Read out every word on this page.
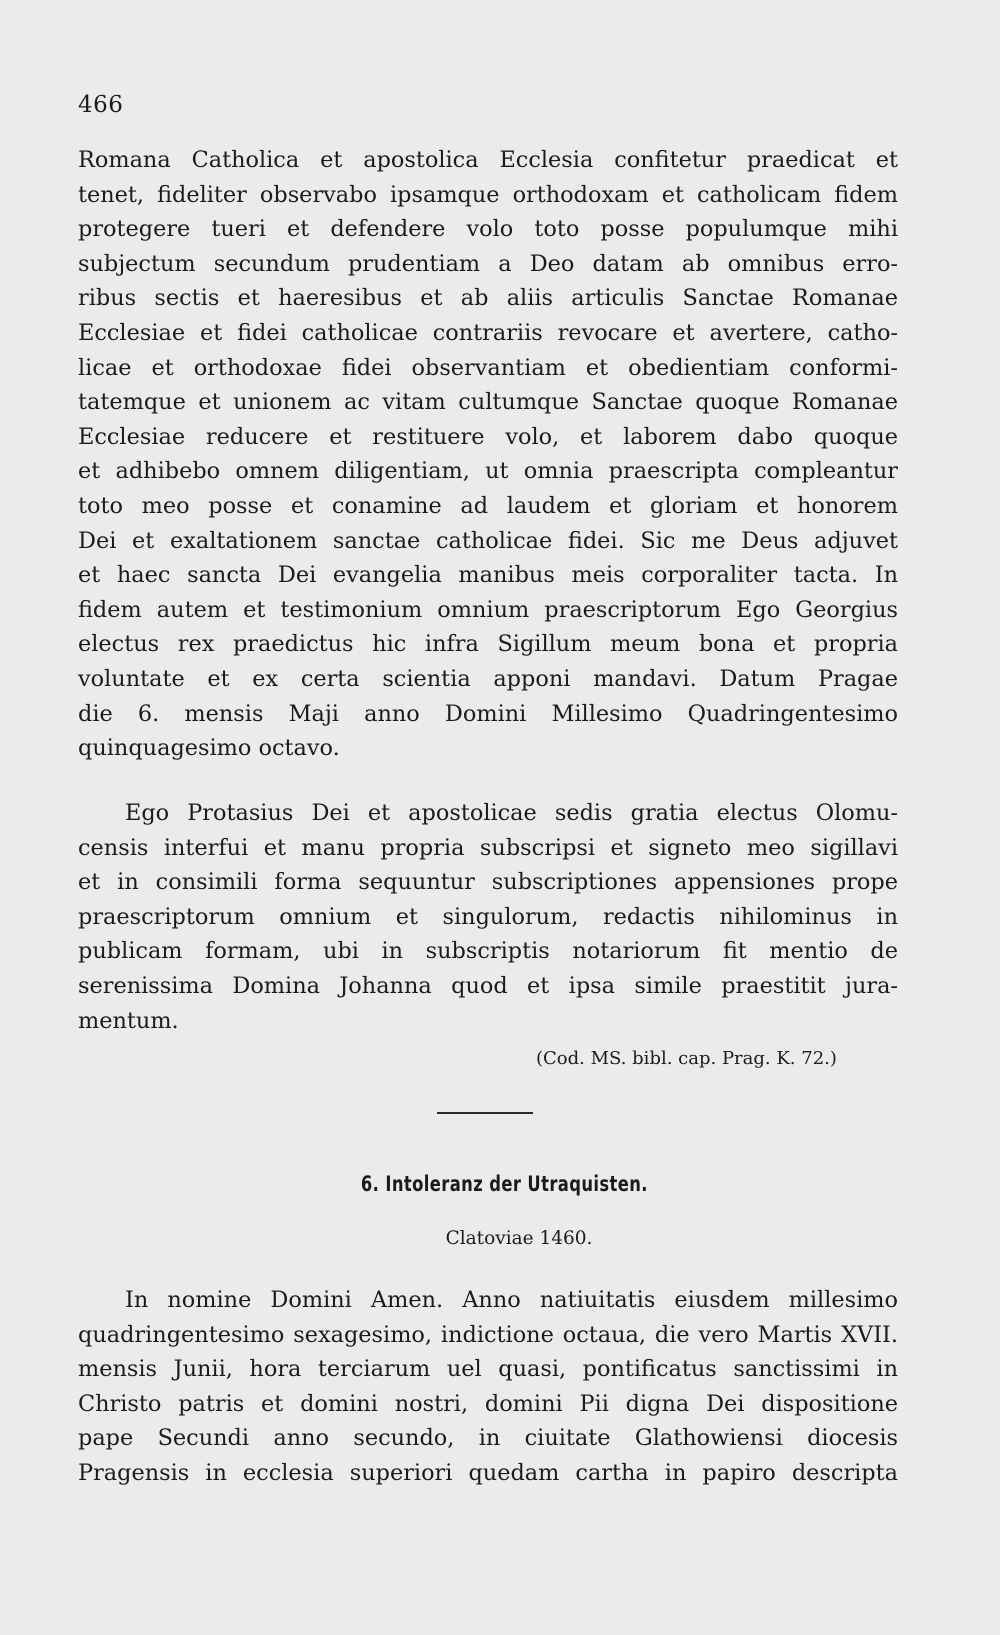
466
Romana Catholica et apostolica Ecclesia confitetur praedicat et
tenet, fideliter observabo ipsamque orthodoxam et catholicam fidem
protegere tueri et defendere volo toto posse populumque mihi
subjectum secundum prudentiam a Deo datam ab omnibus erro-
ribus sectis et haeresibus et ab aliis articulis Sanctae Romanae
Ecclesiae et fidei catholicae contrariis revocare et avertere, catho-
licae et orthodoxae fidei observantiam et obedientiam conformi-
tatemque et unionem ac vitam cultumque Sanctae quoque Romanae
Ecclesiae reducere et restituere volo, et laborem dabo quoque
et adhibebo omnem diligentiam, ut omnia praescripta compleantur
toto meo posse et conamine ad laudem et gloriam et honorem
Dei et exaltationem sanctae catholicae fidei. Sic me Deus adjuvet
et haec sancta Dei evangelia manibus meis corporaliter tacta. In
fidem autem et testimonium omnium praescriptorum Ego Georgius
electus rex praedictus hic infra Sigillum meum bona et propria
voluntate et ex certa scientia apponi mandavi. Datum Pragae
die 6. mensis Maji anno Domini Millesimo Quadringentesimo
quinquagesimo octavo.
Ego Protasius Dei et apostolicae sedis gratia electus Olomu-
censis interfui et manu propria subscripsi et signeto meo sigillavi
et in consimili forma sequuntur subscriptiones appensiones prope
praescriptorum omnium et singulorum, redactis nihilominus in
publicam formam, ubi in subscriptis notariorum fit mentio de
serenissima Domina Johanna quod et ipsa simile praestitit jura-
mentum.
(Cod. MS. bibl. cap. Prag. K. 72.)
6. Intoleranz der Utraquisten.
Clatoviae 1460.
In nomine Domini Amen. Anno natiuitatis eiusdem millesimo
quadringentesimo sexagesimo, indictione octaua, die vero Martis XVII.
mensis Junii, hora terciarum uel quasi, pontificatus sanctissimi in
Christo patris et domini nostri, domini Pii digna Dei dispositione
pape Secundi anno secundo, in ciuitate Glathowiensi diocesis
Pragensis in ecclesia superiori quedam cartha in papiro descripta
